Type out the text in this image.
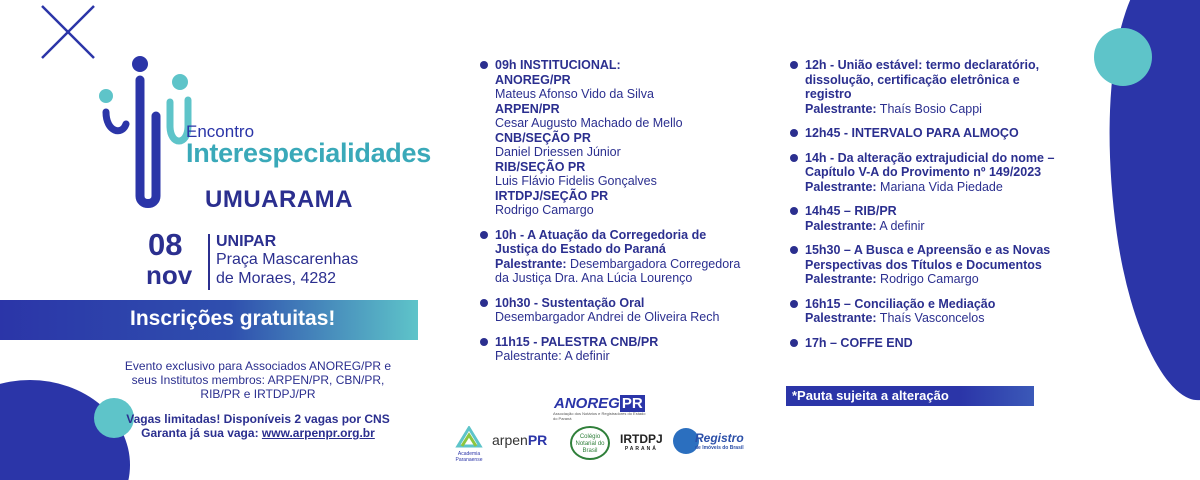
Encontro
Interespecialidades
UMUARAMA
08
nov
UNIPAR
Praça Mascarenhas
de Moraes, 4282
Inscrições gratuitas!
Evento exclusivo para Associados ANOREG/PR e
seus Institutos membros: ARPEN/PR, CBN/PR,
RIB/PR e IRTDPJ/PR
Vagas limitadas! Disponíveis 2 vagas por CNS
Garanta já sua vaga: www.arpenpr.org.br
09h INSTITUCIONAL:
ANOREG/PR
Mateus Afonso Vido da Silva
ARPEN/PR
Cesar Augusto Machado de Mello
CNB/SEÇÃO PR
Daniel Driessen Júnior
RIB/SEÇÃO PR
Luis Flávio Fidelis Gonçalves
IRTDPJ/SEÇÃO PR
Rodrigo Camargo
10h - A Atuação da Corregedoria de
Justiça do Estado do Paraná
Palestrante: Desembargadora Corregedora
da Justiça Dra. Ana Lúcia Lourenço
10h30 - Sustentação Oral
Desembargador Andrei de Oliveira Rech
11h15 - PALESTRA CNB/PR
Palestrante: A definir
12h - União estável: termo declaratório,
dissolução, certificação eletrônica e
registro
Palestrante: Thaís Bosio Cappi
12h45 - INTERVALO PARA ALMOÇO
14h - Da alteração extrajudicial do nome –
Capítulo V-A do Provimento nº 149/2023
Palestrante: Mariana Vida Piedade
14h45 – RIB/PR
Palestrante: A definir
15h30 – A Busca e Apreensão e as Novas
Perspectivas dos Títulos e Documentos
Palestrante: Rodrigo Camargo
16h15 – Conciliação e Mediação
Palestrante: Thaís Vasconcelos
17h – COFFE END
*Pauta sujeita a alteração
ANOREG PR
Associação dos Notários e Registradores do Estado do Paraná
Academia Paranaense
arpenPR	Colégio Notarial do Brasil
IRTDPJ
PARANÁ
Registro
de Imóveis do Brasil
